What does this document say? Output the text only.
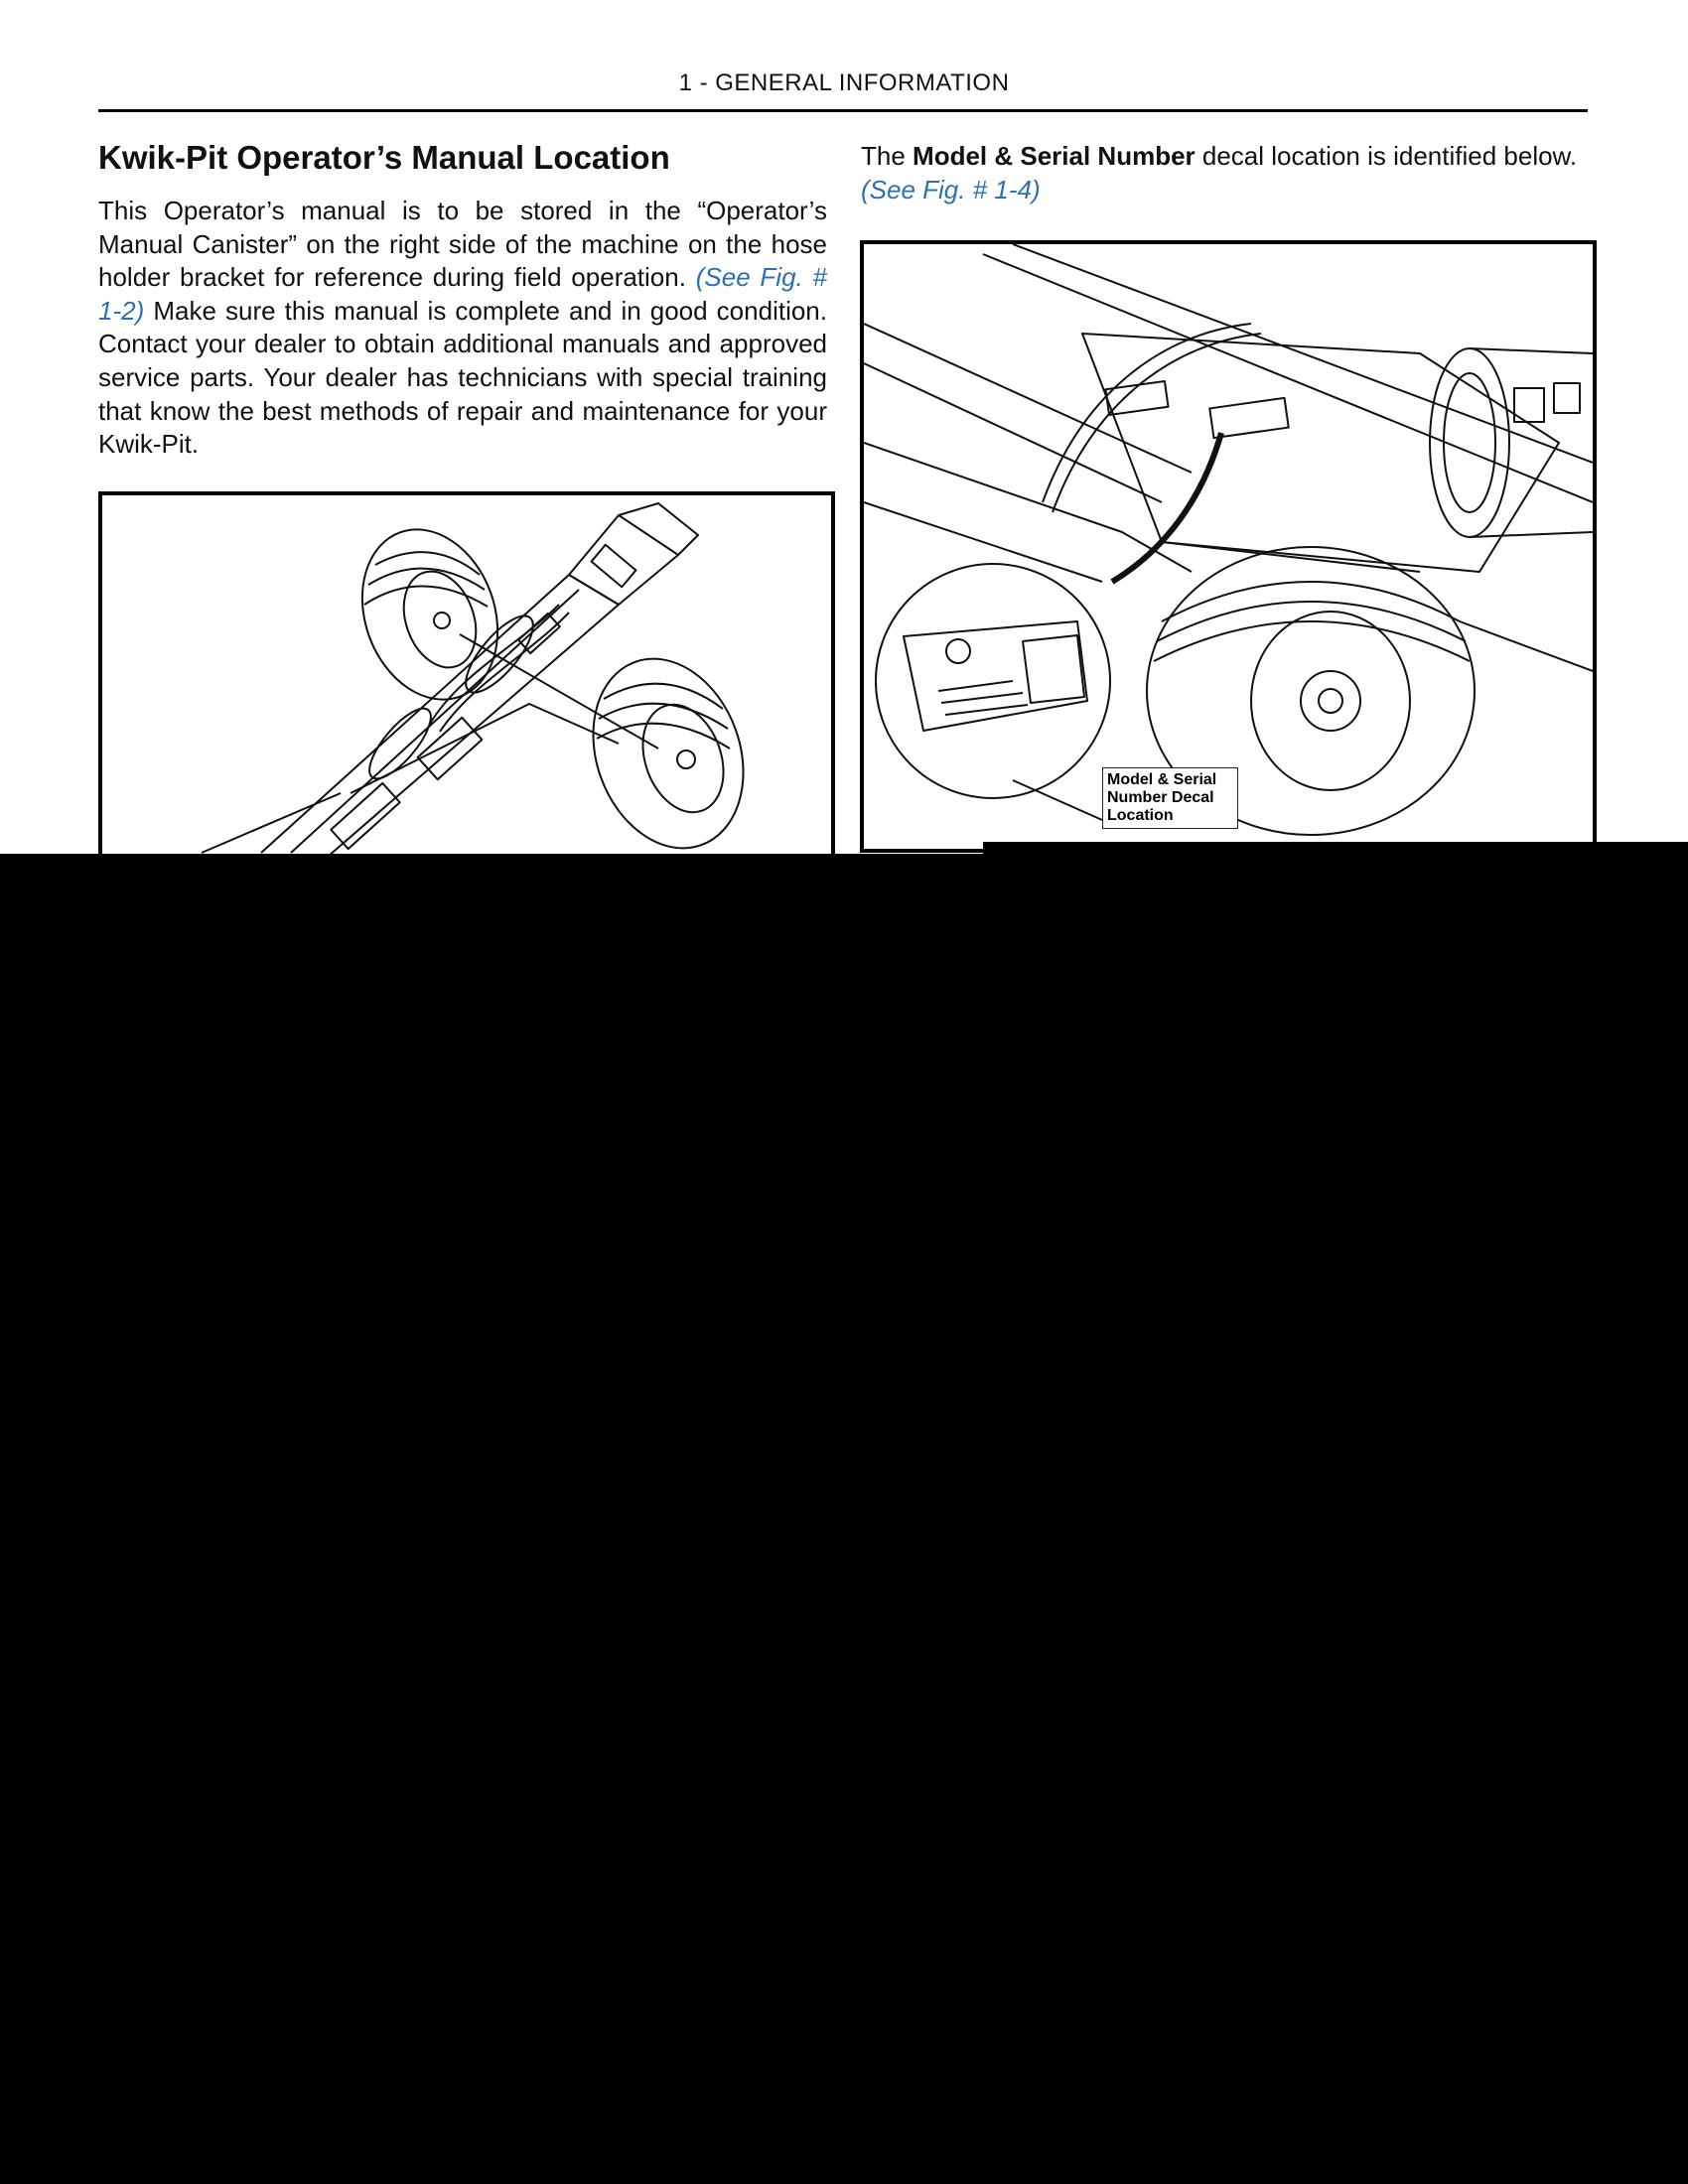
1 - GENERAL INFORMATION
Kwik-Pit Operator’s Manual Location

This Operator’s manual is to be stored in the “Operator’s Manual Canister” on the right side of the machine on the hose holder bracket for reference during field operation. (See Fig. # 1-2) Make sure this manual is complete and in good condition. Contact your dealer to obtain additional manuals and approved service parts. Your dealer has technicians with special training that know the best methods of repair and maintenance for your Kwik-Pit.

The Model & Serial Number decal location is identified below.
(See Fig. # 1-4)

Model & Serial Number Decal Location
